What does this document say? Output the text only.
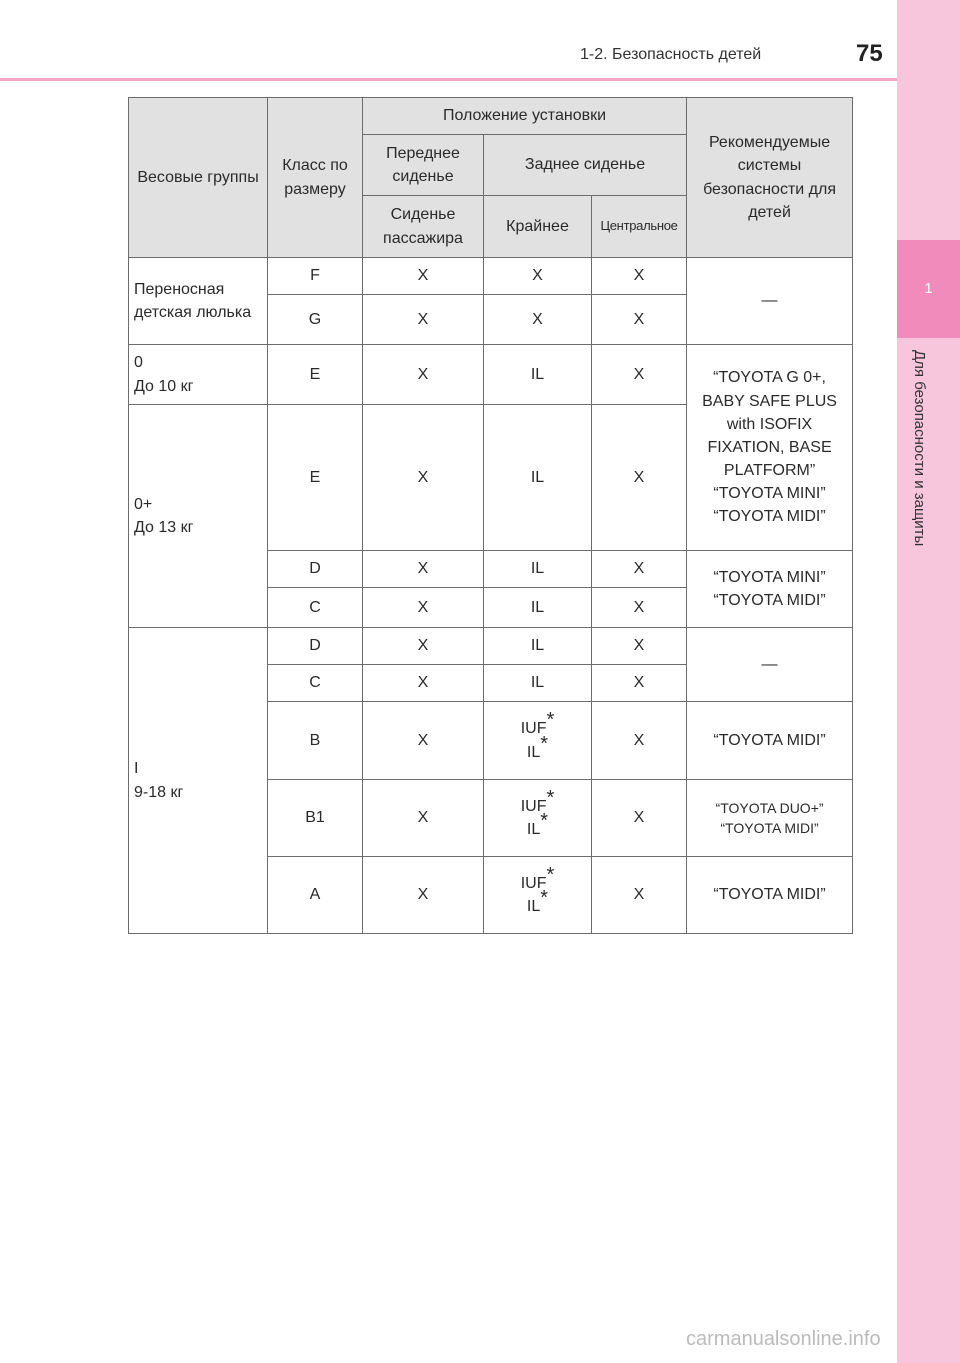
1
Для безопасности и защиты
1-2. Безопасность детей	75
Весовые группы	Класс по размеру	Положение установки			Рекомендуемые системы безопасности для детей
		Переднее сиденье	Заднее сиденье		
		Сиденье пассажира	Крайнее	Центральное	
Переносная детская люлька	F	X	X	X	—
	G	X	X	X	
0
До 10 кг	E	X	IL	X	“TOYOTA G 0+, BABY SAFE PLUS with ISOFIX FIXATION, BASE PLATFORM”
“TOYOTA MINI”
“TOYOTA MIDI”
0+
До 13 кг	E	X	IL	X	
	D	X	IL	X	“TOYOTA MINI”
“TOYOTA MIDI”
	C	X	IL	X	
I
9-18 кг	D	X	IL	X	—
	C	X	IL	X	
	B	X	IUF*
IL*	X	“TOYOTA MIDI”
	B1	X	IUF*
IL*	X	“TOYOTA DUO+”
“TOYOTA MIDI”
	A	X	IUF*
IL*	X	“TOYOTA MIDI”
carmanualsonline.info
